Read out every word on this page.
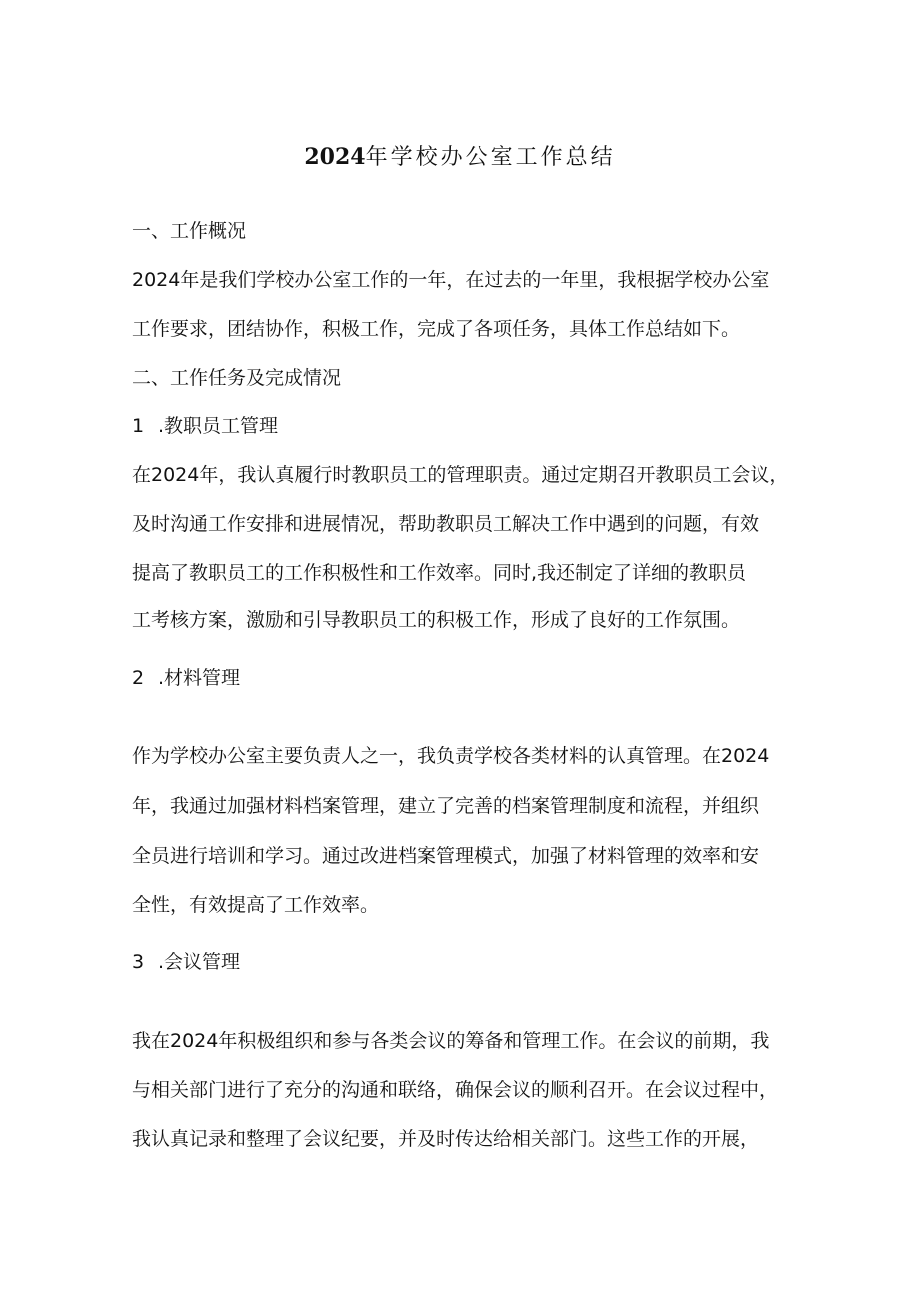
2024年学校办公室工作总结
一、工作概况
2024年是我们学校办公室工作的一年，在过去的一年里，我根据学校办公室
工作要求，团结协作，积极工作，完成了各项任务，具体工作总结如下。
二、工作任务及完成情况
1 .教职员工管理
在2024年，我认真履行时教职员工的管理职责。通过定期召开教职员工会议，
及时沟通工作安排和进展情况，帮助教职员工解决工作中遇到的问题，有效
提高了教职员工的工作积极性和工作效率。同时,我还制定了详细的教职员
工考核方案，激励和引导教职员工的积极工作，形成了良好的工作氛围。
2 .材料管理
作为学校办公室主要负责人之一，我负责学校各类材料的认真管理。在2024
年，我通过加强材料档案管理，建立了完善的档案管理制度和流程，并组织
全员进行培训和学习。通过改进档案管理模式，加强了材料管理的效率和安
全性，有效提高了工作效率。
3 .会议管理
我在2024年积极组织和参与各类会议的筹备和管理工作。在会议的前期，我
与相关部门进行了充分的沟通和联络，确保会议的顺利召开。在会议过程中，
我认真记录和整理了会议纪要，并及时传达给相关部门。这些工作的开展，
